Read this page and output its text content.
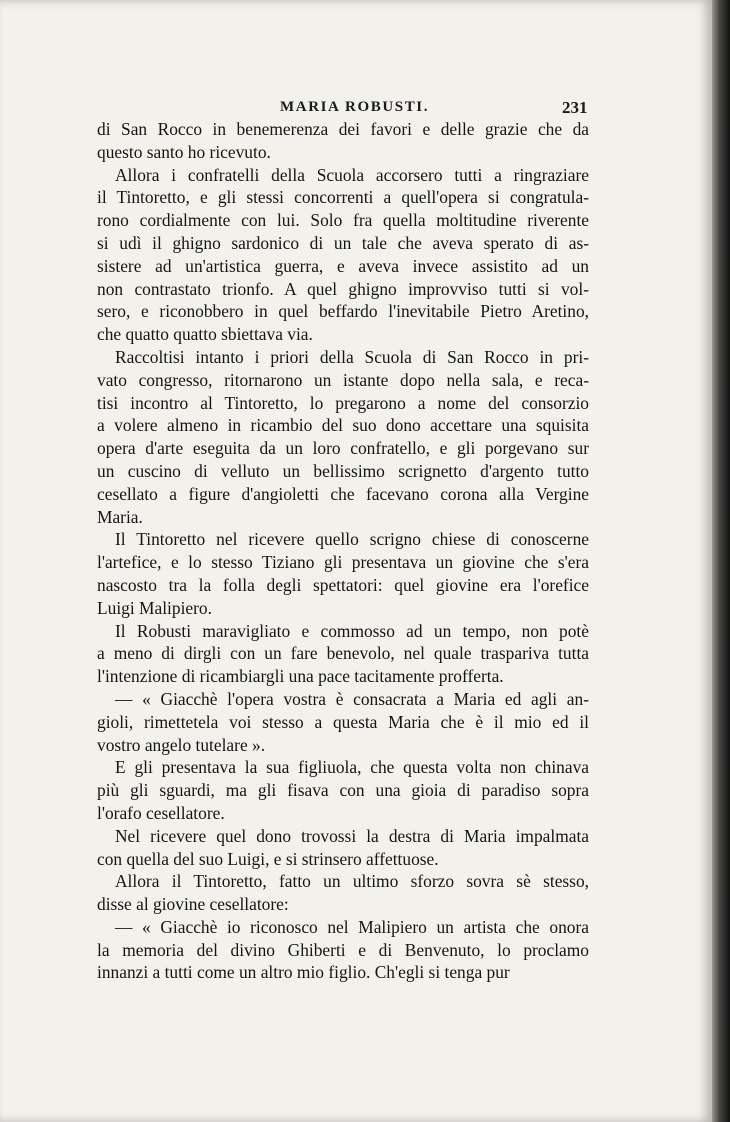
MARIA ROBUSTI.	231
di San Rocco in benemerenza dei favori e delle grazie che da
questo santo ho ricevuto.
Allora i confratelli della Scuola accorsero tutti a ringraziare
il Tintoretto, e gli stessi concorrenti a quell'opera si congratula-
rono cordialmente con lui. Solo fra quella moltitudine riverente
si udì il ghigno sardonico di un tale che aveva sperato di as-
sistere ad un'artistica guerra, e aveva invece assistito ad un
non contrastato trionfo. A quel ghigno improvviso tutti si vol-
sero, e riconobbero in quel beffardo l'inevitabile Pietro Aretino,
che quatto quatto sbiettava via.
Raccoltisi intanto i priori della Scuola di San Rocco in pri-
vato congresso, ritornarono un istante dopo nella sala, e reca-
tisi incontro al Tintoretto, lo pregarono a nome del consorzio
a volere almeno in ricambio del suo dono accettare una squisita
opera d'arte eseguita da un loro confratello, e gli porgevano sur
un cuscino di velluto un bellissimo scrignetto d'argento tutto
cesellato a figure d'angioletti che facevano corona alla Vergine
Maria.
Il Tintoretto nel ricevere quello scrigno chiese di conoscerne
l'artefice, e lo stesso Tiziano gli presentava un giovine che s'era
nascosto tra la folla degli spettatori: quel giovine era l'orefice
Luigi Malipiero.
Il Robusti maravigliato e commosso ad un tempo, non potè
a meno di dirgli con un fare benevolo, nel quale traspariva tutta
l'intenzione di ricambiargli una pace tacitamente profferta.
— « Giacchè l'opera vostra è consacrata a Maria ed agli an-
gioli, rimettetela voi stesso a questa Maria che è il mio ed il
vostro angelo tutelare ».
E gli presentava la sua figliuola, che questa volta non chinava
più gli sguardi, ma gli fisava con una gioia di paradiso sopra
l'orafo cesellatore.
Nel ricevere quel dono trovossi la destra di Maria impalmata
con quella del suo Luigi, e si strinsero affettuose.
Allora il Tintoretto, fatto un ultimo sforzo sovra sè stesso,
disse al giovine cesellatore:
— « Giacchè io riconosco nel Malipiero un artista che onora
la memoria del divino Ghiberti e di Benvenuto, lo proclamo
innanzi a tutti come un altro mio figlio. Ch'egli si tenga pur
